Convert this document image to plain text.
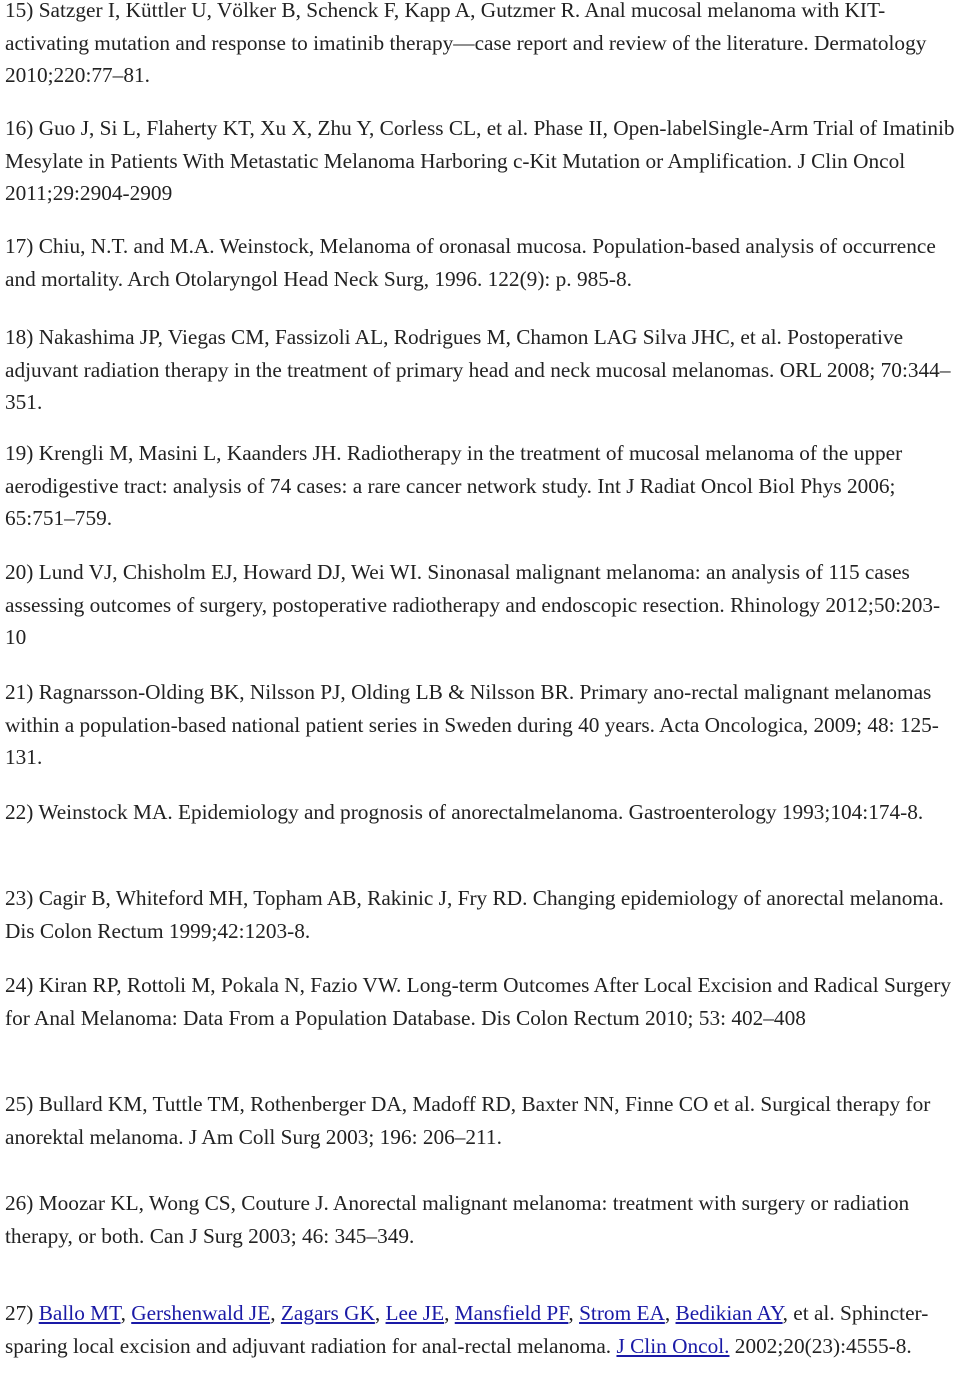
15) Satzger I, Küttler U, Völker B, Schenck F, Kapp A, Gutzmer R. Anal mucosal melanoma with KIT-activating mutation and response to imatinib therapy—case report and review of the literature. Dermatology 2010;220:77–81.

16) Guo J, Si L, Flaherty KT, Xu X, Zhu Y, Corless CL, et al. Phase II, Open-labelSingle-Arm Trial of Imatinib Mesylate in Patients With Metastatic Melanoma Harboring c-Kit Mutation or Amplification. J Clin Oncol 2011;29:2904-2909

17) Chiu, N.T. and M.A. Weinstock, Melanoma of oronasal mucosa. Population-based analysis of occurrence and mortality. Arch Otolaryngol Head Neck Surg, 1996. 122(9): p. 985-8.

18) Nakashima JP, Viegas CM, Fassizoli AL, Rodrigues M, Chamon LAG Silva JHC, et al. Postoperative adjuvant radiation therapy in the treatment of primary head and neck mucosal melanomas. ORL 2008; 70:344–351.

19) Krengli M, Masini L, Kaanders JH. Radiotherapy in the treatment of mucosal melanoma of the upper aerodigestive tract: analysis of 74 cases: a rare cancer network study. Int J Radiat Oncol Biol Phys 2006; 65:751–759.

20) Lund VJ, Chisholm EJ, Howard DJ, Wei WI. Sinonasal malignant melanoma: an analysis of 115 cases assessing outcomes of surgery, postoperative radiotherapy and endoscopic resection. Rhinology 2012;50:203-10

21) Ragnarsson-Olding BK, Nilsson PJ, Olding LB & Nilsson BR. Primary ano-rectal malignant melanomas within a population-based national patient series in Sweden during 40 years. Acta Oncologica, 2009; 48: 125-131.

22) Weinstock MA. Epidemiology and prognosis of anorectalmelanoma. Gastroenterology 1993;104:174-8.

23) Cagir B, Whiteford MH, Topham AB, Rakinic J, Fry RD. Changing epidemiology of anorectal melanoma. Dis Colon Rectum 1999;42:1203-8.

24) Kiran RP, Rottoli M, Pokala N, Fazio VW. Long-term Outcomes After Local Excision and Radical Surgery for Anal Melanoma: Data From a Population Database. Dis Colon Rectum 2010; 53: 402–408

25) Bullard KM, Tuttle TM, Rothenberger DA, Madoff RD, Baxter NN, Finne CO et al. Surgical therapy for anorektal melanoma. J Am Coll Surg 2003; 196: 206–211.

26) Moozar KL, Wong CS, Couture J. Anorectal malignant melanoma: treatment with surgery or radiation therapy, or both. Can J Surg 2003; 46: 345–349.

27) Ballo MT, Gershenwald JE, Zagars GK, Lee JE, Mansfield PF, Strom EA, Bedikian AY, et al. Sphincter-sparing local excision and adjuvant radiation for anal-rectal melanoma. J Clin Oncol. 2002;20(23):4555-8.
